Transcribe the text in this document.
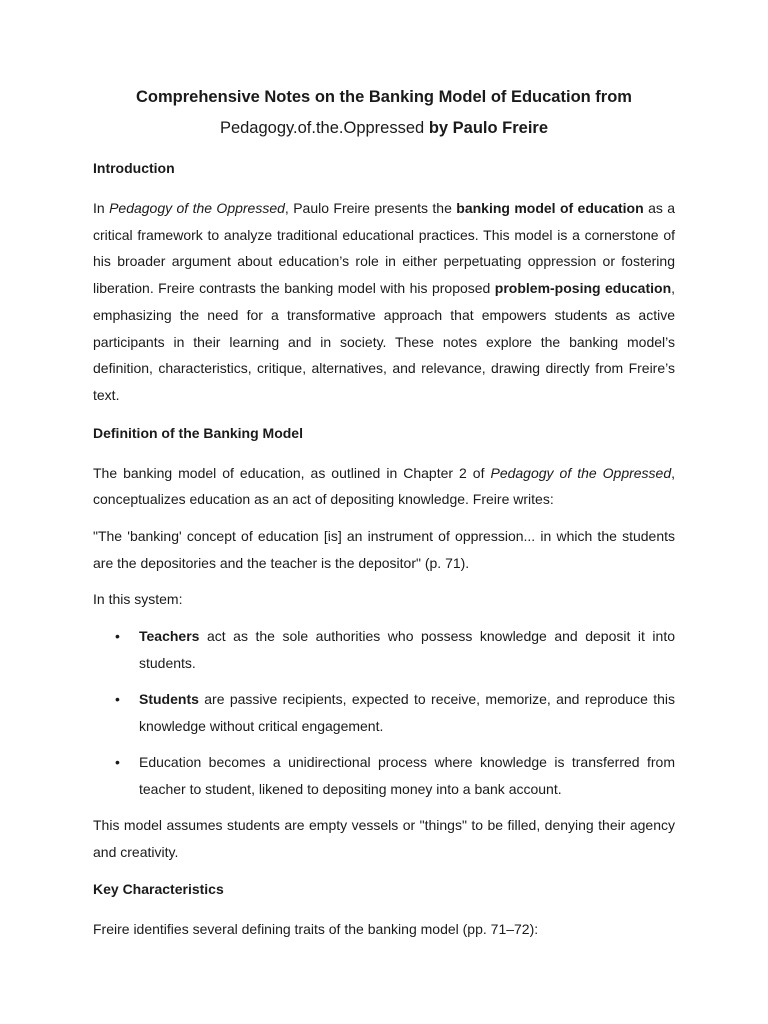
Comprehensive Notes on the Banking Model of Education from
Pedagogy.of.the.Oppressed by Paulo Freire
Introduction

In Pedagogy of the Oppressed, Paulo Freire presents the banking model of education as a critical framework to analyze traditional educational practices. This model is a cornerstone of his broader argument about education’s role in either perpetuating oppression or fostering liberation. Freire contrasts the banking model with his proposed problem-posing education, emphasizing the need for a transformative approach that empowers students as active participants in their learning and in society. These notes explore the banking model’s definition, characteristics, critique, alternatives, and relevance, drawing directly from Freire’s text.

Definition of the Banking Model

The banking model of education, as outlined in Chapter 2 of Pedagogy of the Oppressed, conceptualizes education as an act of depositing knowledge. Freire writes:

"The 'banking' concept of education [is] an instrument of oppression... in which the students are the depositories and the teacher is the depositor" (p. 71).

In this system:

• Teachers act as the sole authorities who possess knowledge and deposit it into students.
• Students are passive recipients, expected to receive, memorize, and reproduce this knowledge without critical engagement.
• Education becomes a unidirectional process where knowledge is transferred from teacher to student, likened to depositing money into a bank account.

This model assumes students are empty vessels or "things" to be filled, denying their agency and creativity.

Key Characteristics

Freire identifies several defining traits of the banking model (pp. 71–72):
